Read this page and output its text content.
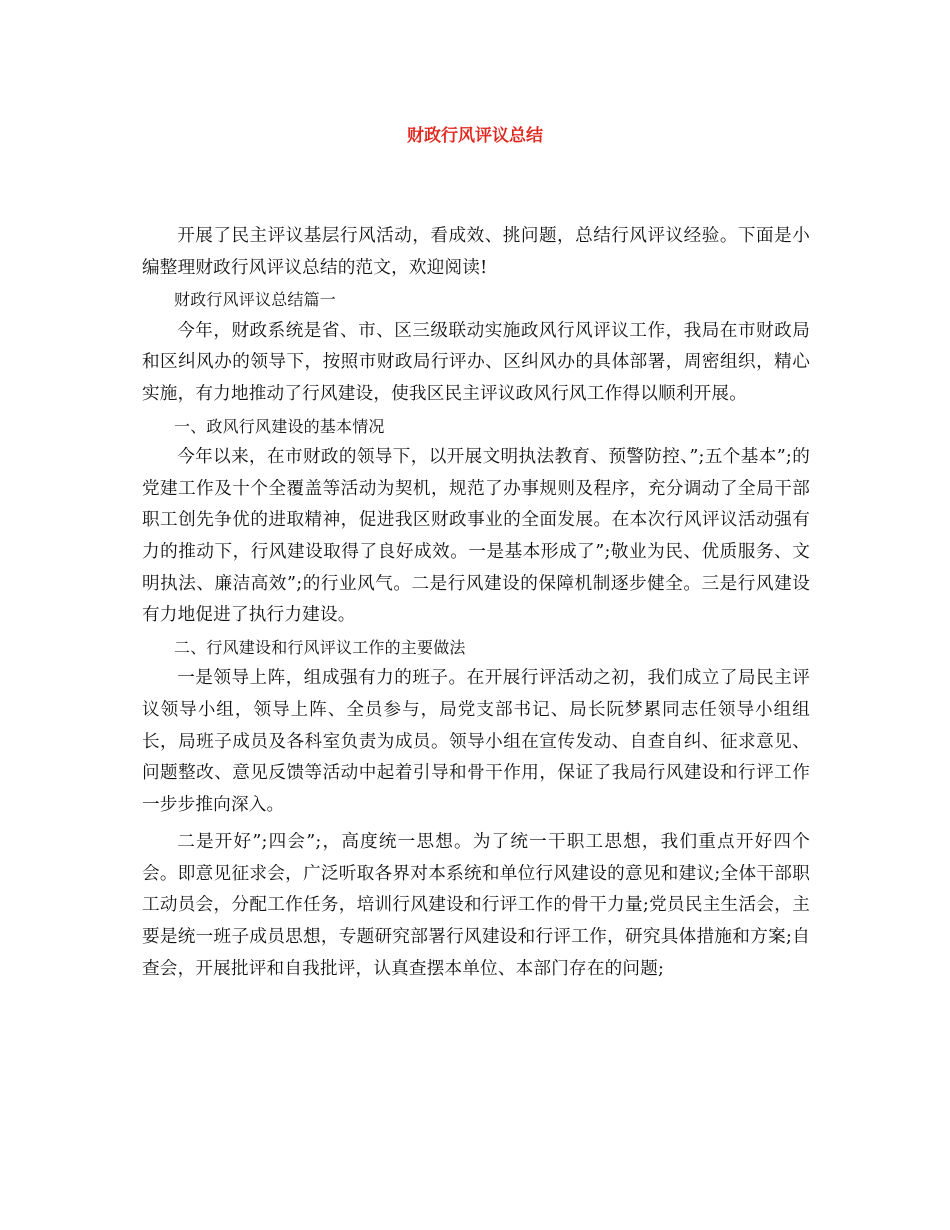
财政行风评议总结

开展了民主评议基层行风活动，看成效、挑问题，总结行风评议经验。下面是小编整理财政行风评议总结的范文，欢迎阅读!

财政行风评议总结篇一

今年，财政系统是省、市、区三级联动实施政风行风评议工作，我局在市财政局和区纠风办的领导下，按照市财政局行评办、区纠风办的具体部署，周密组织，精心实施，有力地推动了行风建设，使我区民主评议政风行风工作得以顺利开展。

一、政风行风建设的基本情况

今年以来，在市财政的领导下，以开展文明执法教育、预警防控、”;五个基本”;的党建工作及十个全覆盖等活动为契机，规范了办事规则及程序，充分调动了全局干部职工创先争优的进取精神，促进我区财政事业的全面发展。在本次行风评议活动强有力的推动下，行风建设取得了良好成效。一是基本形成了”;敬业为民、优质服务、文明执法、廉洁高效”;的行业风气。二是行风建设的保障机制逐步健全。三是行风建设有力地促进了执行力建设。

二、行风建设和行风评议工作的主要做法

一是领导上阵，组成强有力的班子。在开展行评活动之初，我们成立了局民主评议领导小组，领导上阵、全员参与，局党支部书记、局长阮梦累同志任领导小组组长，局班子成员及各科室负责为成员。领导小组在宣传发动、自查自纠、征求意见、问题整改、意见反馈等活动中起着引导和骨干作用，保证了我局行风建设和行评工作一步步推向深入。

二是开好”;四会”;，高度统一思想。为了统一干职工思想，我们重点开好四个会。即意见征求会，广泛听取各界对本系统和单位行风建设的意见和建议;全体干部职工动员会，分配工作任务，培训行风建设和行评工作的骨干力量;党员民主生活会，主要是统一班子成员思想，专题研究部署行风建设和行评工作，研究具体措施和方案;自查会，开展批评和自我批评，认真查摆本单位、本部门存在的问题;
